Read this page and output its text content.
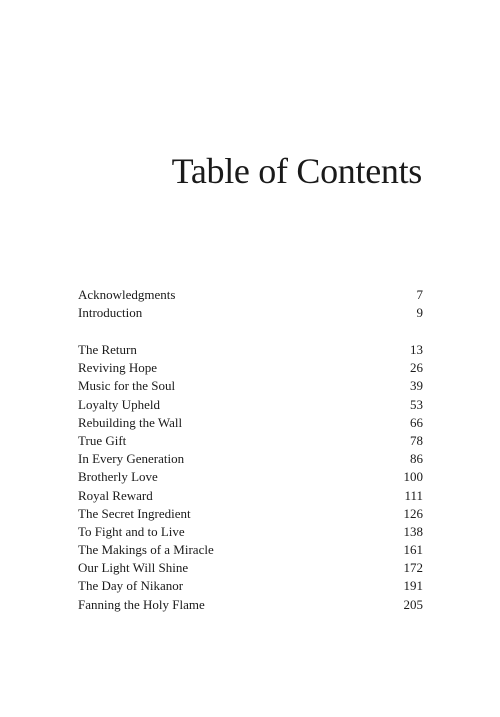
Table of Contents
Acknowledgments	7
Introduction	9
The Return	13
Reviving Hope	26
Music for the Soul	39
Loyalty Upheld	53
Rebuilding the Wall	66
True Gift	78
In Every Generation	86
Brotherly Love	100
Royal Reward	111
The Secret Ingredient	126
To Fight and to Live	138
The Makings of a Miracle	161
Our Light Will Shine	172
The Day of Nikanor	191
Fanning the Holy Flame	205
